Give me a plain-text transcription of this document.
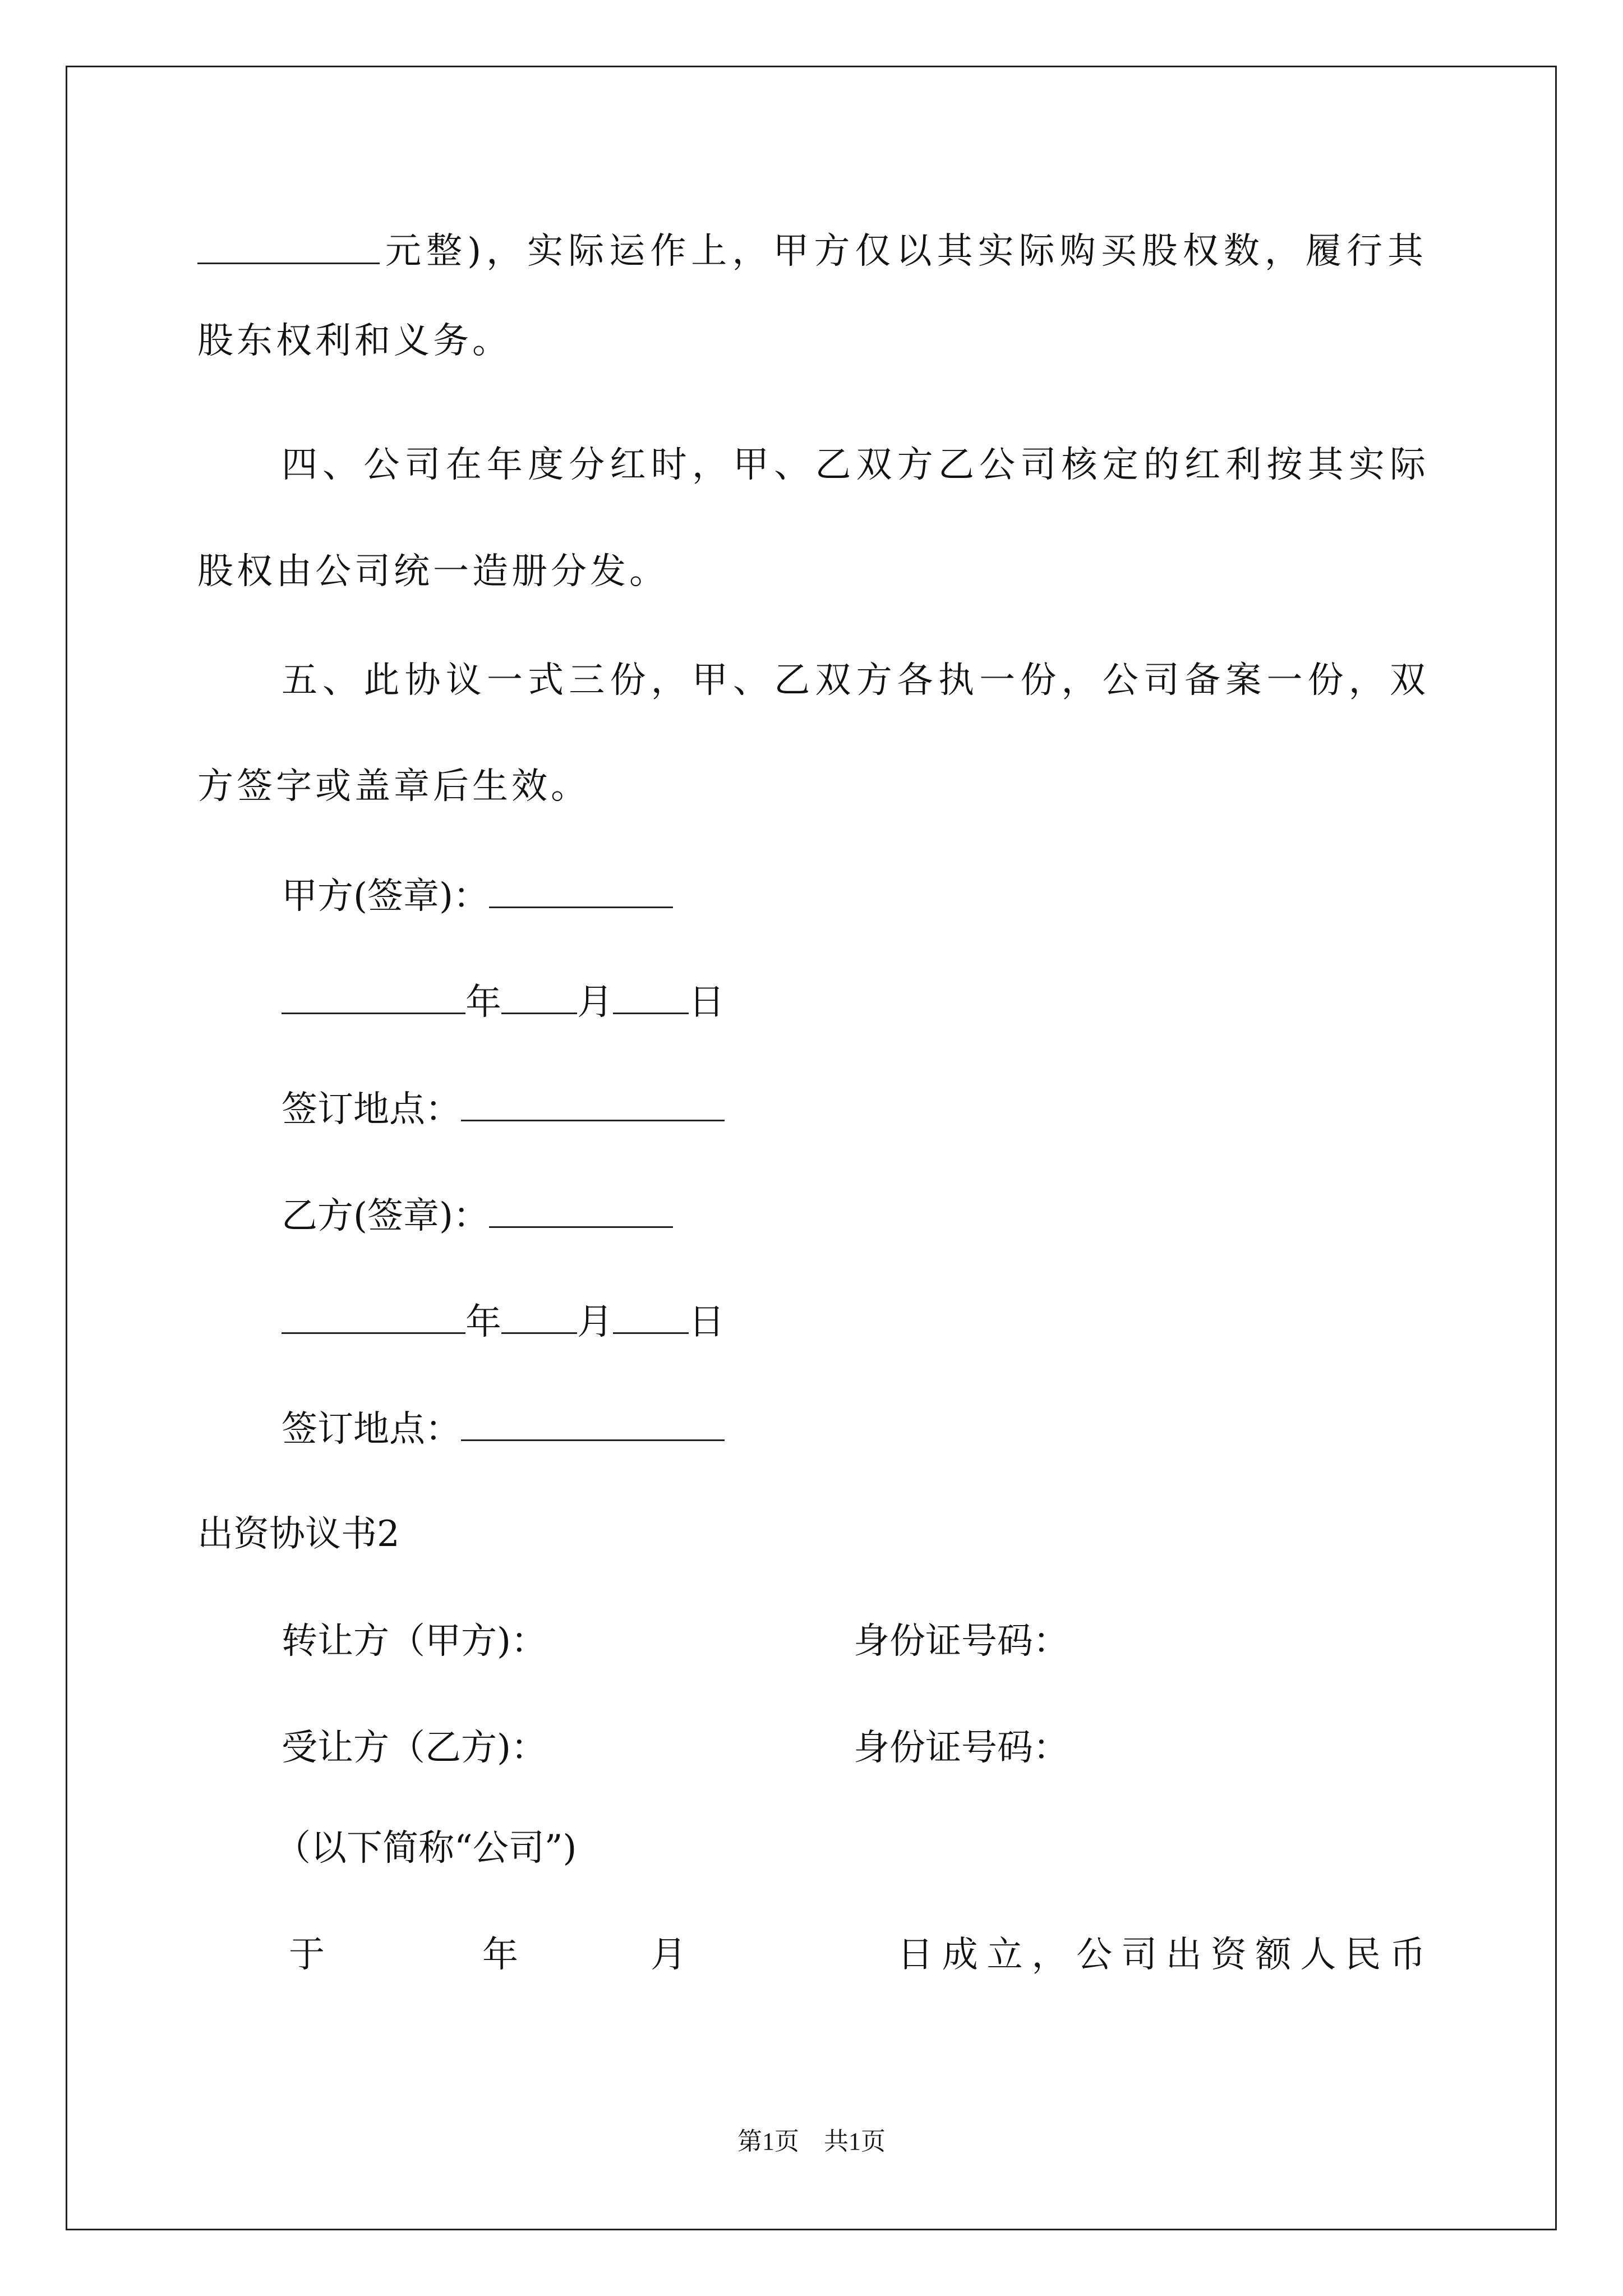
元整)，实际运作上，甲方仅以其实际购买股权数，履行其
股东权利和义务。
四、公司在年度分红时，甲、乙双方乙公司核定的红利按其实际
股权由公司统一造册分发。
五、此协议一式三份，甲、乙双方各执一份，公司备案一份，双
方签字或盖章后生效。
甲方(签章)：
年 月 日
签订地点：
乙方(签章)：
年 月 日
签订地点：
出资协议书2
转让方（甲方)：	身份证号码：
受让方（乙方)：	身份证号码：
（以下简称“公司”)
于	年	月	日成立，公司出资额人民币
第1页 共1页
